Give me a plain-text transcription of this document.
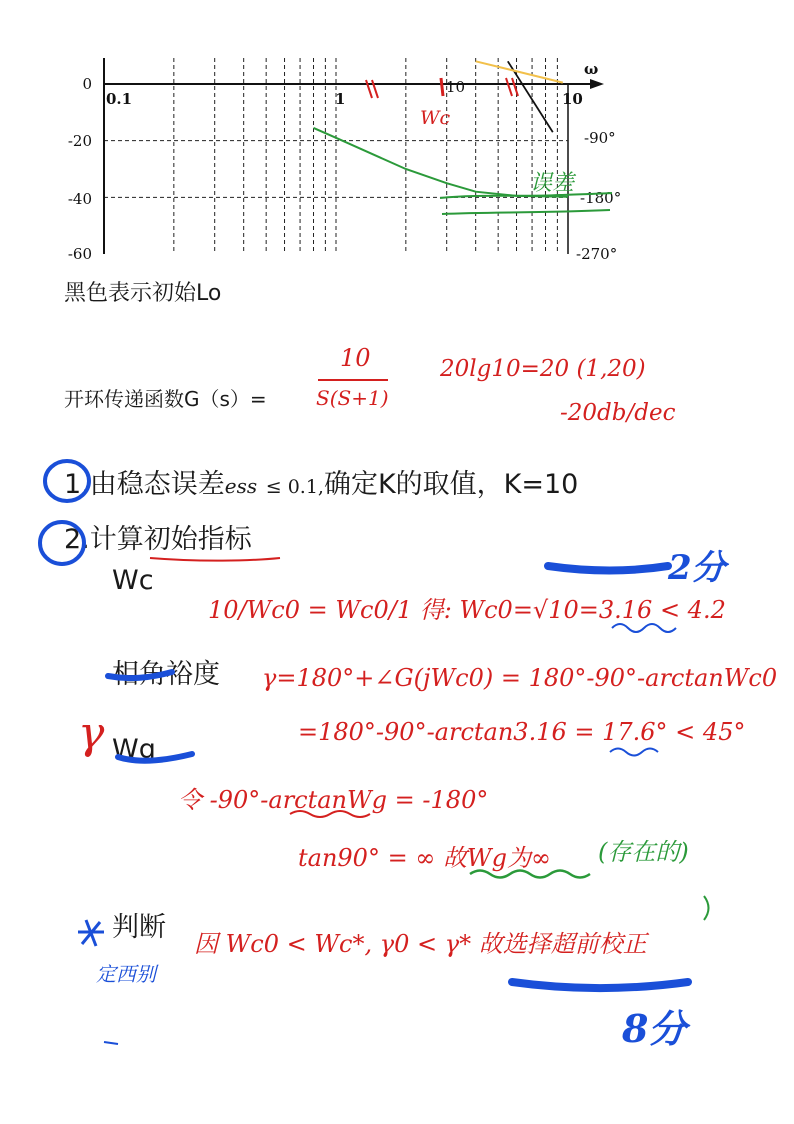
0.1	1	10
ω
0
-20
-40
-60
-90°
-180°
-270°
10
Wc
误差
黑色表示初始Lo
开环传递函数G（s）=
10
S(S+1)
20lg10=20 (1,20)
-20db/dec
1.由稳态误差ess ≤ 0.1,确定K的取值，K=10
2.计算初始指标
Wc
10/Wc0 = Wc0/1 得: Wc0=√10=3.16 < 4.2
相角裕度 γ=180°+∠G(jWc0) = 180°-90°-arctanWc0
=180°-90°-arctan3.16 = 17.6° < 45°
γ Wg
令 -90°-arctanWg = -180°
tan90° = ∞ 故Wg为∞ (存在的)
判断
因 Wc0 < Wc*, γ0 < γ* 故选择超前校正
2分
8分
定西别
